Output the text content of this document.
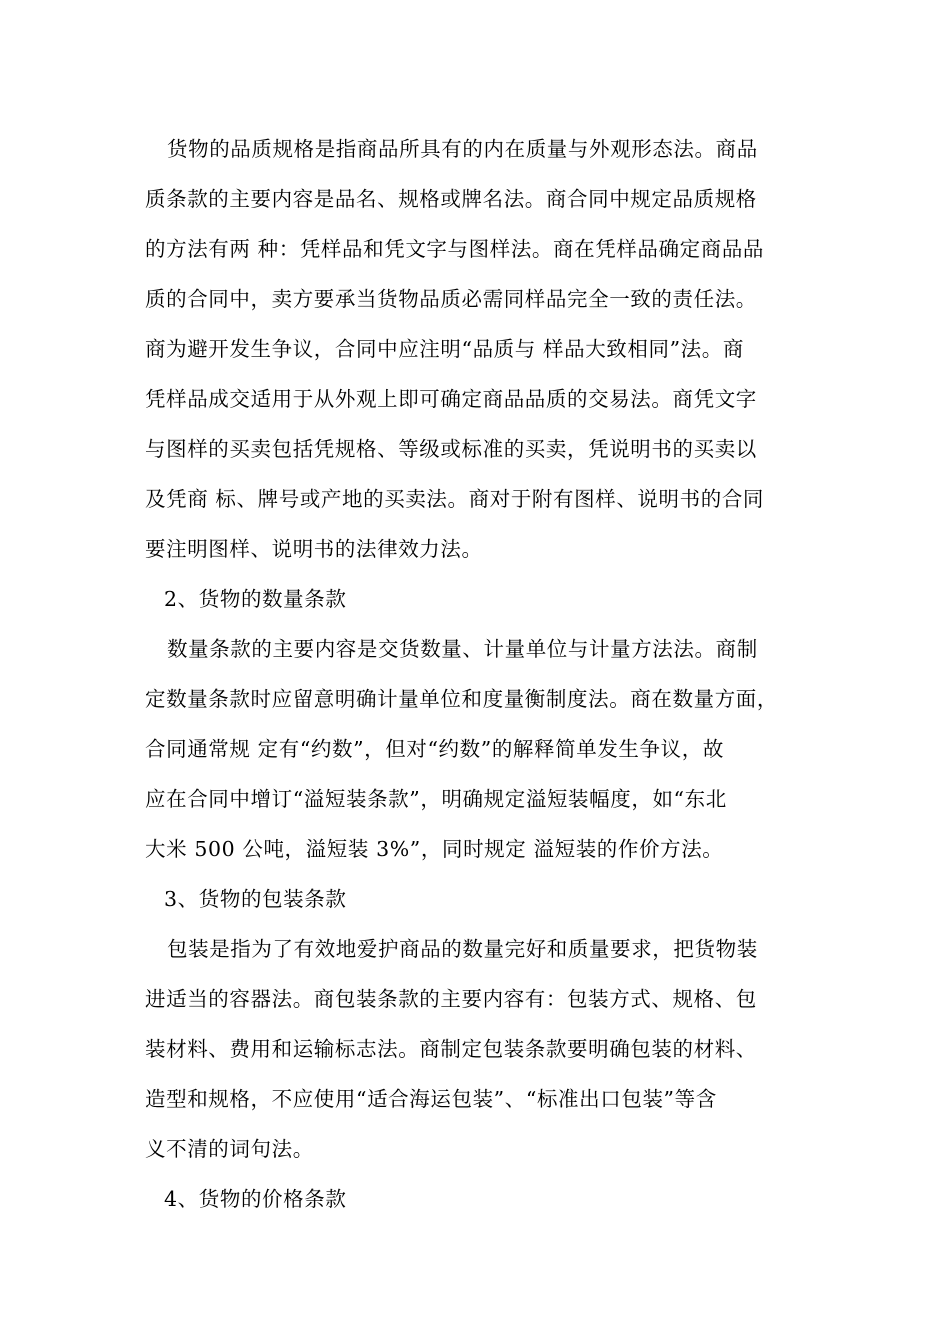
货物的品质规格是指商品所具有的内在质量与外观形态法。商品
质条款的主要内容是品名、规格或牌名法。商合同中规定品质规格
的方法有两 种：凭样品和凭文字与图样法。商在凭样品确定商品品
质的合同中，卖方要承当货物品质必需同样品完全一致的责任法。
商为避开发生争议，合同中应注明“品质与 样品大致相同”法。商
凭样品成交适用于从外观上即可确定商品品质的交易法。商凭文字
与图样的买卖包括凭规格、等级或标准的买卖，凭说明书的买卖以
及凭商 标、牌号或产地的买卖法。商对于附有图样、说明书的合同
要注明图样、说明书的法律效力法。
2、货物的数量条款
数量条款的主要内容是交货数量、计量单位与计量方法法。商制
定数量条款时应留意明确计量单位和度量衡制度法。商在数量方面，
合同通常规 定有“约数”，但对“约数”的解释简单发生争议，故
应在合同中增订“溢短装条款”，明确规定溢短装幅度，如“东北
大米 500 公吨，溢短装 3%”，同时规定 溢短装的作价方法。
3、货物的包装条款
包装是指为了有效地爱护商品的数量完好和质量要求，把货物装
进适当的容器法。商包装条款的主要内容有：包装方式、规格、包
装材料、费用和运输标志法。商制定包装条款要明确包装的材料、
造型和规格，不应使用“适合海运包装”、“标准出口包装”等含
义不清的词句法。
4、货物的价格条款
